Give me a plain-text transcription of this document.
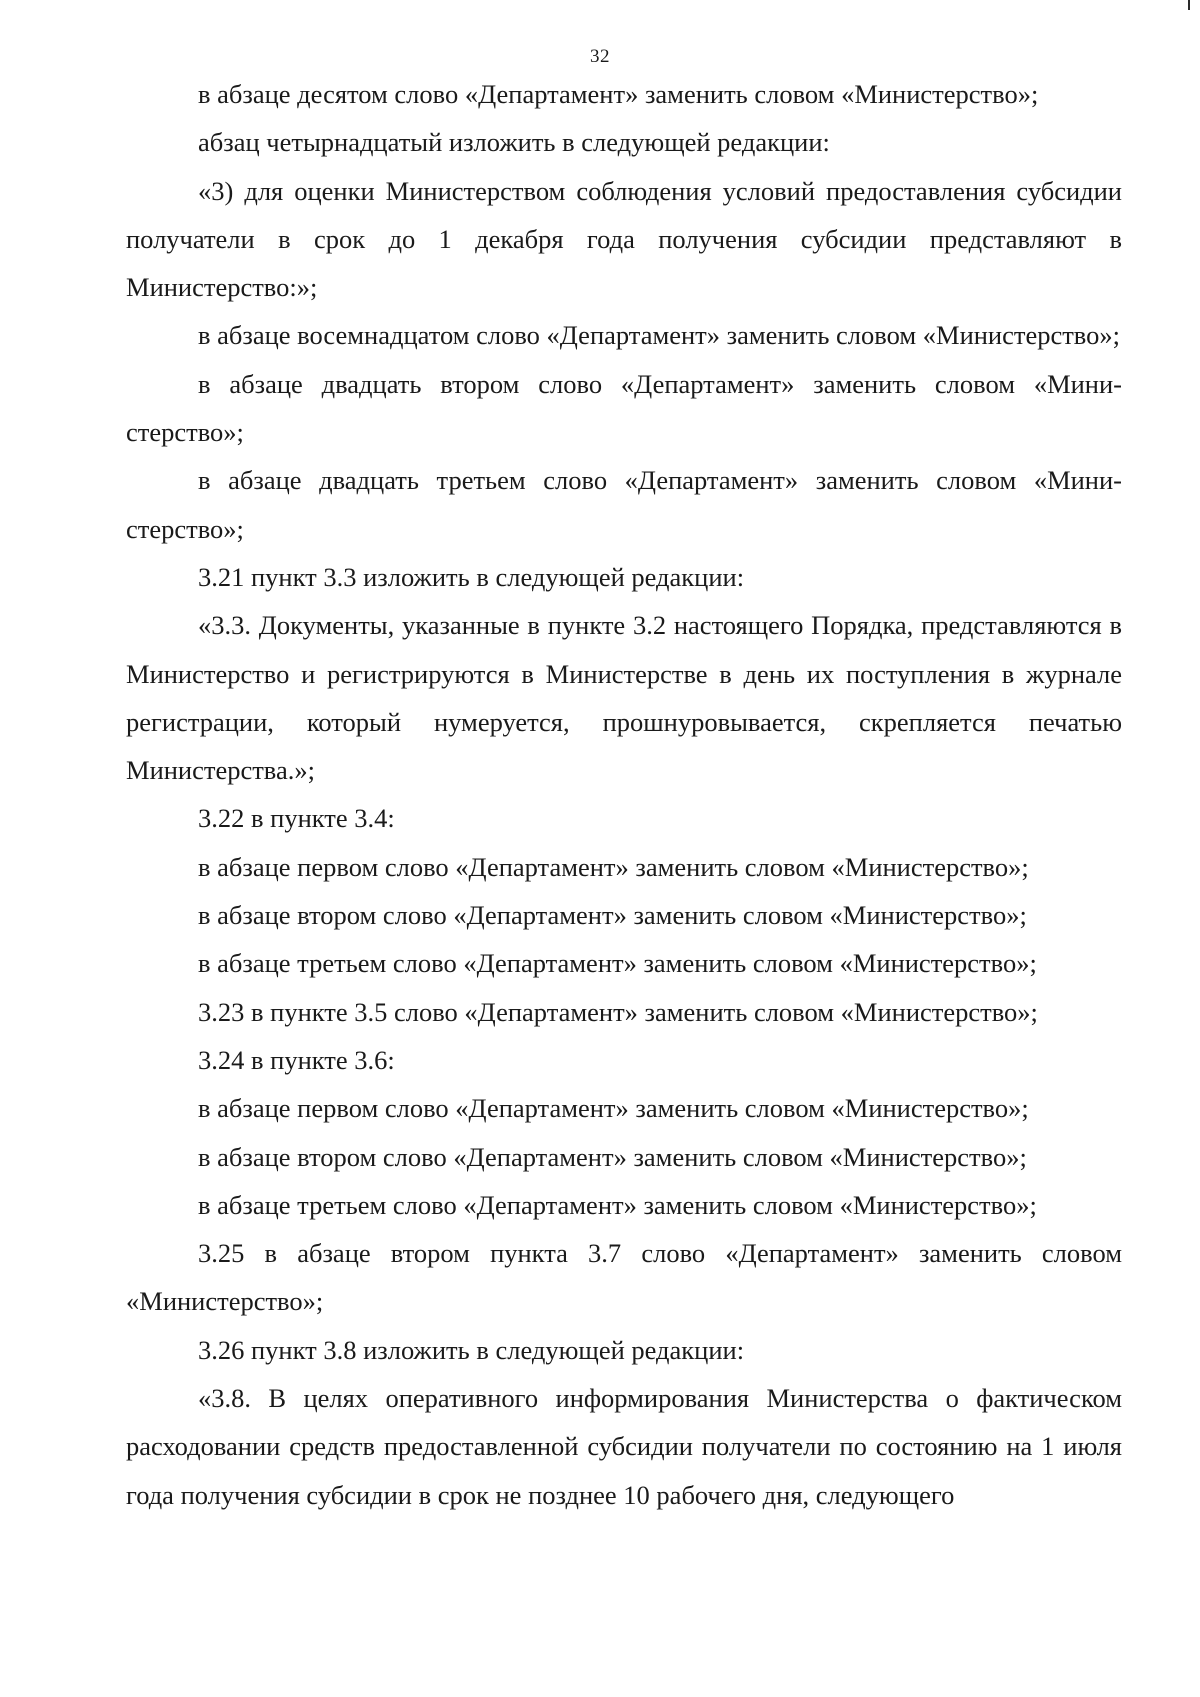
32

в абзаце десятом слово «Департамент» заменить словом «Министерство»;

абзац четырнадцатый изложить в следующей редакции:

«3) для оценки Министерством соблюдения условий предоставления субсидии получатели в срок до 1 декабря года получения субсидии представляют в Министерство:»;

в абзаце восемнадцатом слово «Департамент» заменить словом «Министерство»;

в абзаце двадцать втором слово «Департамент» заменить словом «Министерство»;

в абзаце двадцать третьем слово «Департамент» заменить словом «Министерство»;

3.21 пункт 3.3 изложить в следующей редакции:

«3.3. Документы, указанные в пункте 3.2 настоящего Порядка, представляются в Министерство и регистрируются в Министерстве в день их поступления в журнале регистрации, который нумеруется, прошнуровывается, скрепляется печатью Министерства.»;

3.22 в пункте 3.4:

в абзаце первом слово «Департамент» заменить словом «Министерство»;

в абзаце втором слово «Департамент» заменить словом «Министерство»;

в абзаце третьем слово «Департамент» заменить словом «Министерство»;

3.23 в пункте 3.5 слово «Департамент» заменить словом «Министерство»;

3.24 в пункте 3.6:

в абзаце первом слово «Департамент» заменить словом «Министерство»;

в абзаце втором слово «Департамент» заменить словом «Министерство»;

в абзаце третьем слово «Департамент» заменить словом «Министерство»;

3.25 в абзаце втором пункта 3.7 слово «Департамент» заменить словом «Министерство»;

3.26 пункт 3.8 изложить в следующей редакции:

«3.8. В целях оперативного информирования Министерства о фактическом расходовании средств предоставленной субсидии получатели по состоянию на 1 июля года получения субсидии в срок не позднее 10 рабочего дня, следующего
